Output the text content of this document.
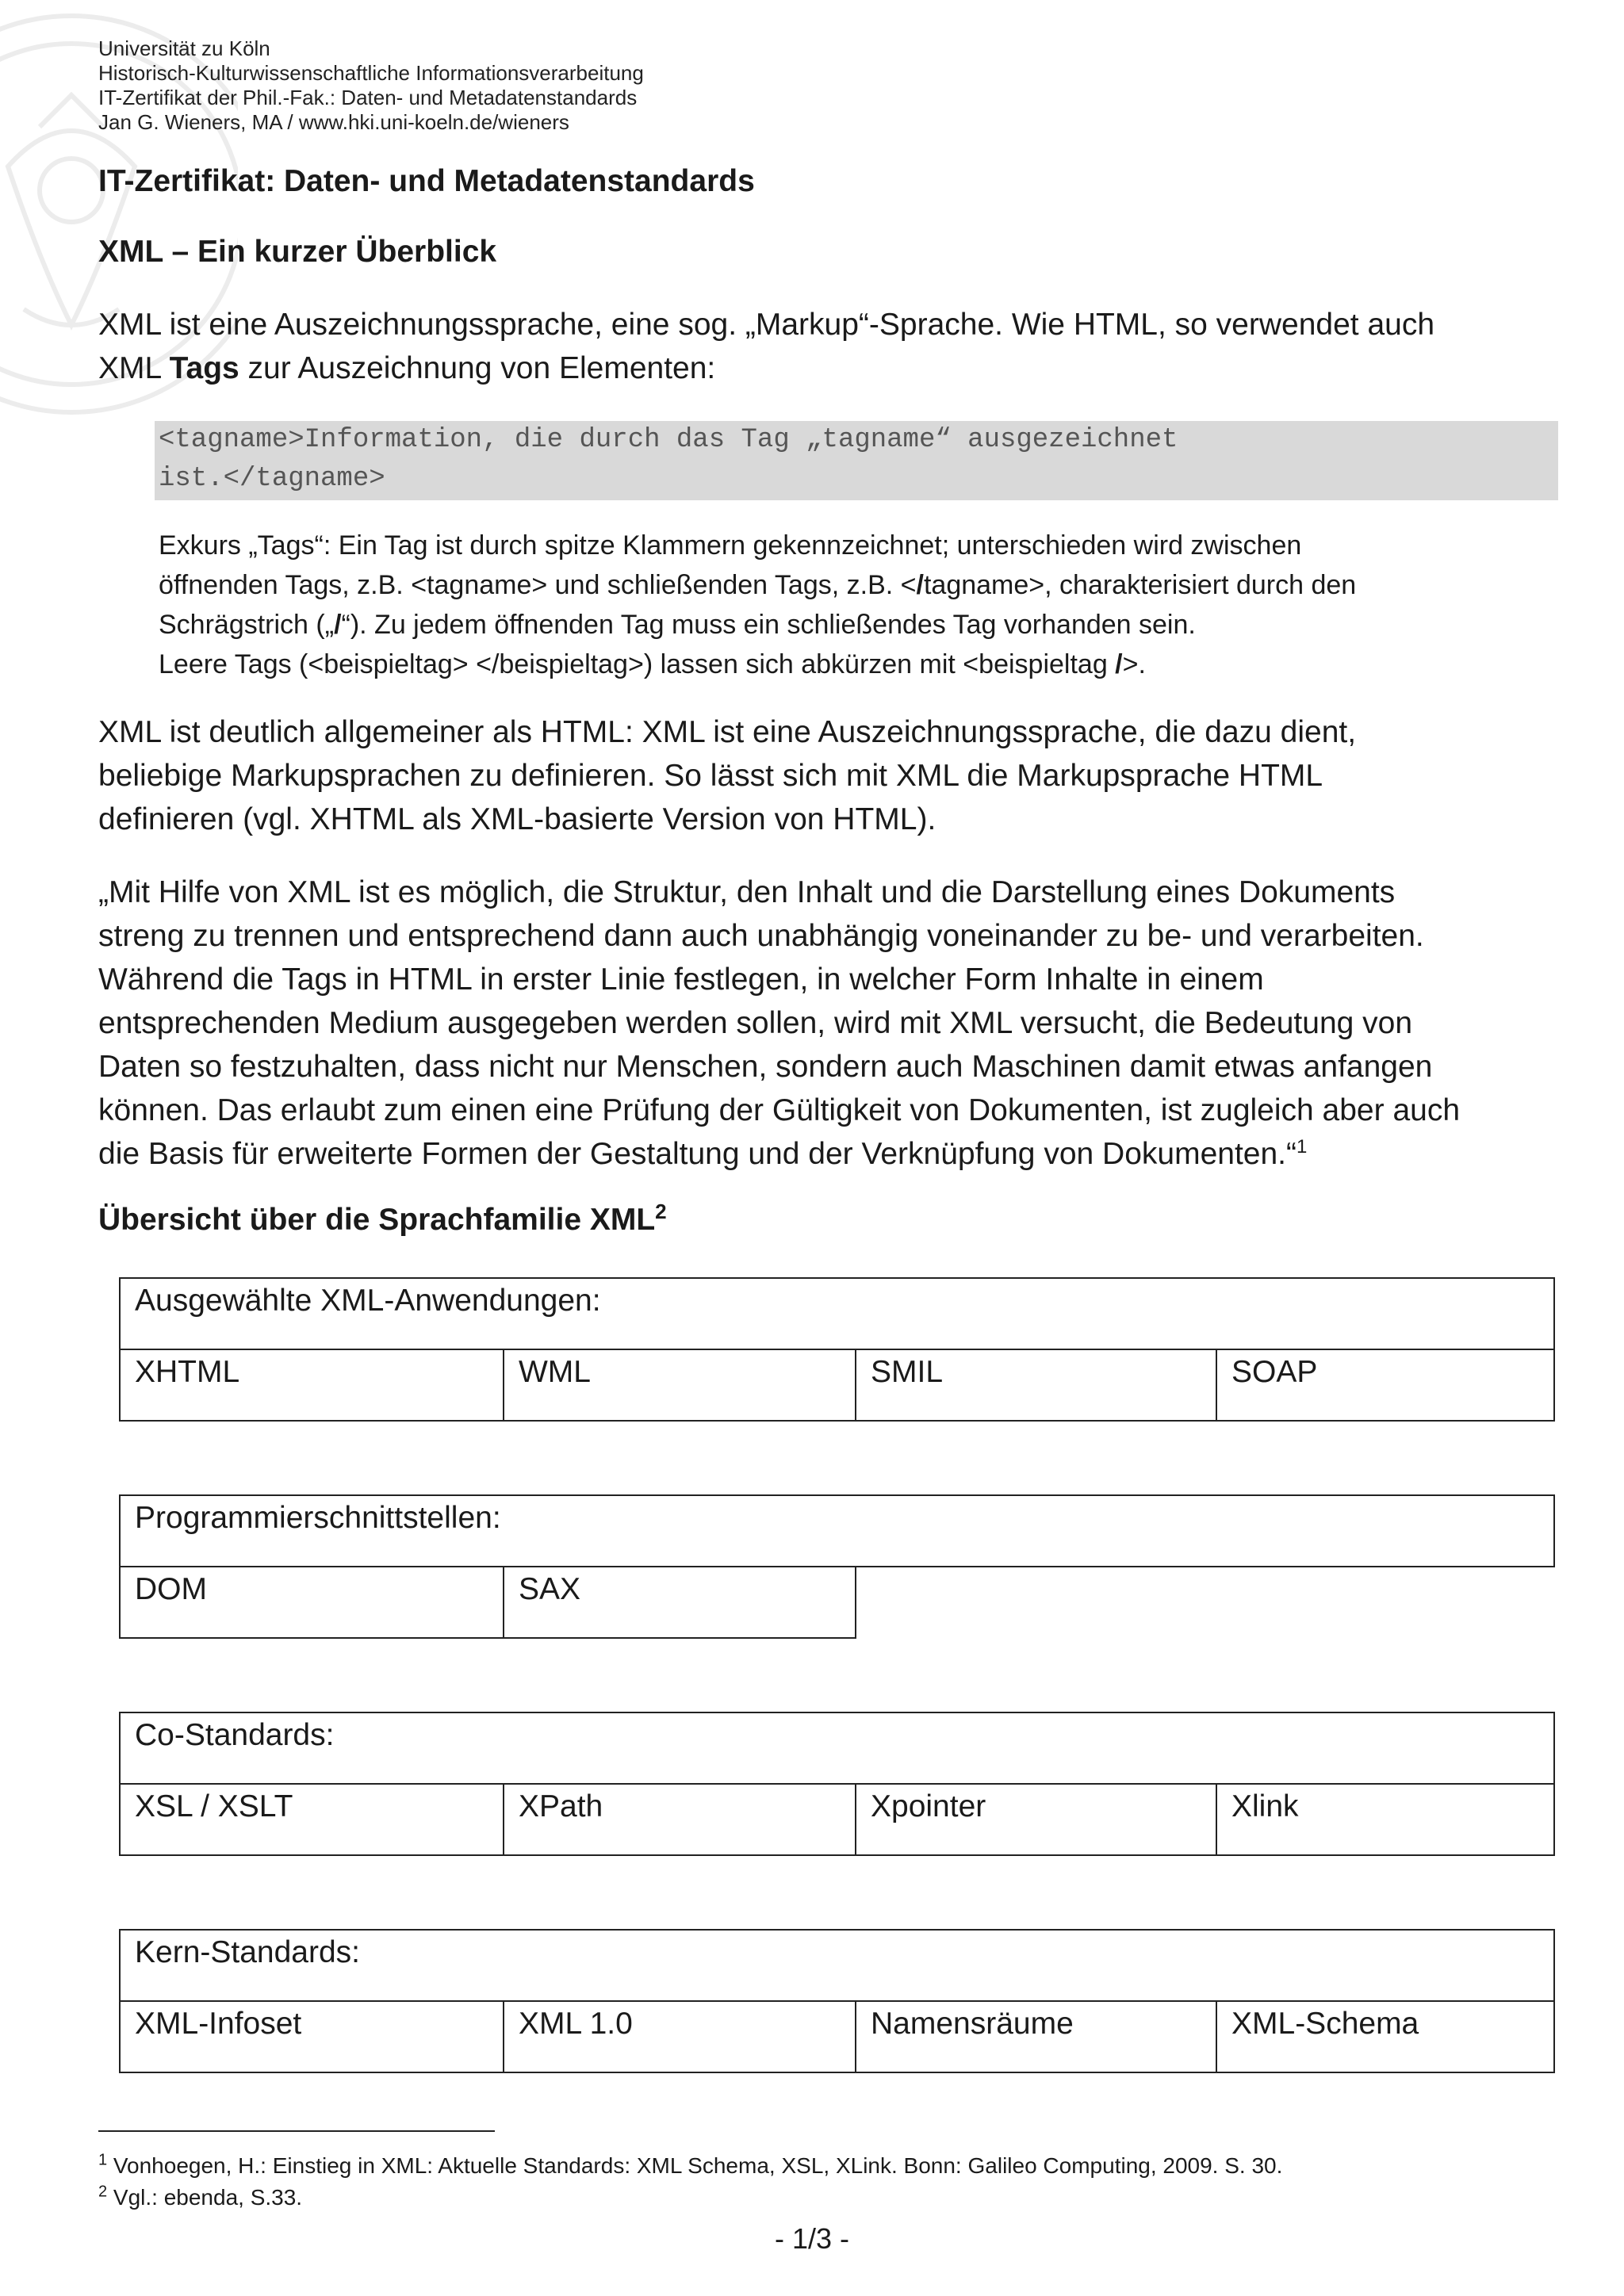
Universität zu Köln
Historisch-Kulturwissenschaftliche Informationsverarbeitung
IT-Zertifikat der Phil.-Fak.: Daten- und Metadatenstandards
Jan G. Wieners, MA / www.hki.uni-koeln.de/wieners
IT-Zertifikat: Daten- und Metadatenstandards
XML – Ein kurzer Überblick
XML ist eine Auszeichnungssprache, eine sog. „Markup“-Sprache. Wie HTML, so verwendet auch
XML Tags zur Auszeichnung von Elementen:
<tagname>Information, die durch das Tag „tagname“ ausgezeichnet
ist.</tagname>
Exkurs „Tags“: Ein Tag ist durch spitze Klammern gekennzeichnet; unterschieden wird zwischen
öffnenden Tags, z.B. <tagname> und schließenden Tags, z.B. </tagname>, charakterisiert durch den
Schrägstrich („/“). Zu jedem öffnenden Tag muss ein schließendes Tag vorhanden sein.
Leere Tags (<beispieltag> </beispieltag>) lassen sich abkürzen mit <beispieltag />.
XML ist deutlich allgemeiner als HTML: XML ist eine Auszeichnungssprache, die dazu dient,
beliebige Markupsprachen zu definieren. So lässt sich mit XML die Markupsprache HTML
definieren (vgl. XHTML als XML-basierte Version von HTML).
„Mit Hilfe von XML ist es möglich, die Struktur, den Inhalt und die Darstellung eines Dokuments
streng zu trennen und entsprechend dann auch unabhängig voneinander zu be- und verarbeiten.
Während die Tags in HTML in erster Linie festlegen, in welcher Form Inhalte in einem
entsprechenden Medium ausgegeben werden sollen, wird mit XML versucht, die Bedeutung von
Daten so festzuhalten, dass nicht nur Menschen, sondern auch Maschinen damit etwas anfangen
können. Das erlaubt zum einen eine Prüfung der Gültigkeit von Dokumenten, ist zugleich aber auch
die Basis für erweiterte Formen der Gestaltung und der Verknüpfung von Dokumenten.“$^1$
Übersicht über die Sprachfamilie XML$^2$
Ausgewählte XML-Anwendungen:
XHTML	WML	SMIL	SOAP
Programmierschnittstellen:
DOM	SAX
Co-Standards:
XSL / XSLT	XPath	Xpointer	Xlink
Kern-Standards:
XML-Infoset	XML 1.0	Namensräume	XML-Schema
$^1$ Vonhoegen, H.: Einstieg in XML: Aktuelle Standards: XML Schema, XSL, XLink. Bonn: Galileo Computing, 2009. S. 30.
$^2$ Vgl.: ebenda, S.33.
- 1/3 -
